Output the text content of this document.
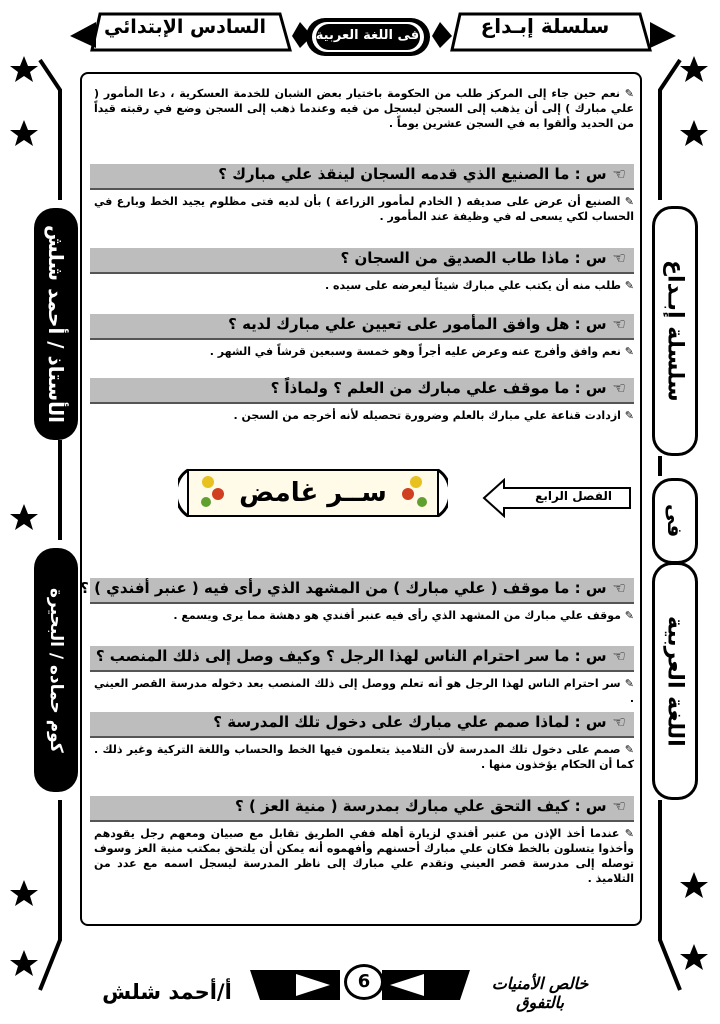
السادس الإبتدائي	فى اللغة العربية	سلسلة إبـداع
الأستاذ / أحمد شلش
كوم حماده / البحيرة
سلسلة إبـداع
فى
اللغة العربية
✎ نعم حين جاء إلى المركز طلب من الحكومة باختيار بعض الشبان للخدمة العسكرية ، دعا المأمور ( علي مبارك ) إلى أن يذهب إلى السجن ليسجل من فيه وعندما ذهب إلى السجن وضع في رقبته قيداً من الحديد وألقوا به في السجن عشرين يوماً .
☜س : ما الصنيع الذي قدمه السجان لينقذ علي مبارك ؟
✎ الصنيع أن عرض على صديقه ( الخادم لمأمور الزراعة ) بأن لديه فتى مظلوم يجيد الخط وبارع في الحساب لكي يسعى له في وظيفة عند المأمور .
☜س : ماذا طاب الصديق من السجان ؟
✎ طلب منه أن يكتب علي مبارك شيئاً ليعرضه على سيده .
☜س : هل وافق المأمور على تعيين علي مبارك لديه ؟
✎ نعم وافق وأفرج عنه وعرض عليه أجراً وهو خمسة وسبعين قرشاً في الشهر .
☜س : ما موقف علي مبارك من العلم ؟ ولماذاً ؟
✎ ازدادت قناعة علي مبارك بالعلم وضرورة تحصيله لأنه أخرجه من السجن .
☜س : ما موقف ( علي مبارك ) من المشهد الذي رأى فيه ( عنبر أفندي ) ؟
✎ موقف علي مبارك من المشهد الذي رأى فيه عنبر أفندي هو دهشة مما يرى ويسمع .
☜س : ما سر احترام الناس لهذا الرجل ؟ وكيف وصل إلى ذلك المنصب ؟
✎ سر احترام الناس لهذا الرجل هو أنه تعلم ووصل إلى ذلك المنصب بعد دخوله مدرسة القصر العيني .
☜س : لماذا صمم علي مبارك على دخول تلك المدرسة ؟
✎ صمم على دخول تلك المدرسة لأن التلاميذ يتعلمون فيها الخط والحساب واللغة التركية وغير ذلك . كما أن الحكام يؤخذون منها .
☜س : كيف التحق علي مبارك بمدرسة ( منية العز ) ؟
✎ عندما أخذ الإذن من عنبر أفندي لزيارة أهله ففي الطريق تقابل مع صبيان ومعهم رجل يقودهم وأخذوا يتسلون بالخط فكان علي مبارك أحسنهم وأفهموه أنه يمكن أن يلتحق بمكتب منية العز وسوف توصله إلى مدرسة قصر العيني وتقدم علي مبارك إلى ناظر المدرسة ليسجل اسمه مع عدد من التلاميذ .
ســر غامض	الفصل الرابع
أ/أحمد شلش	6	خالص الأمنيات بالتفوق
